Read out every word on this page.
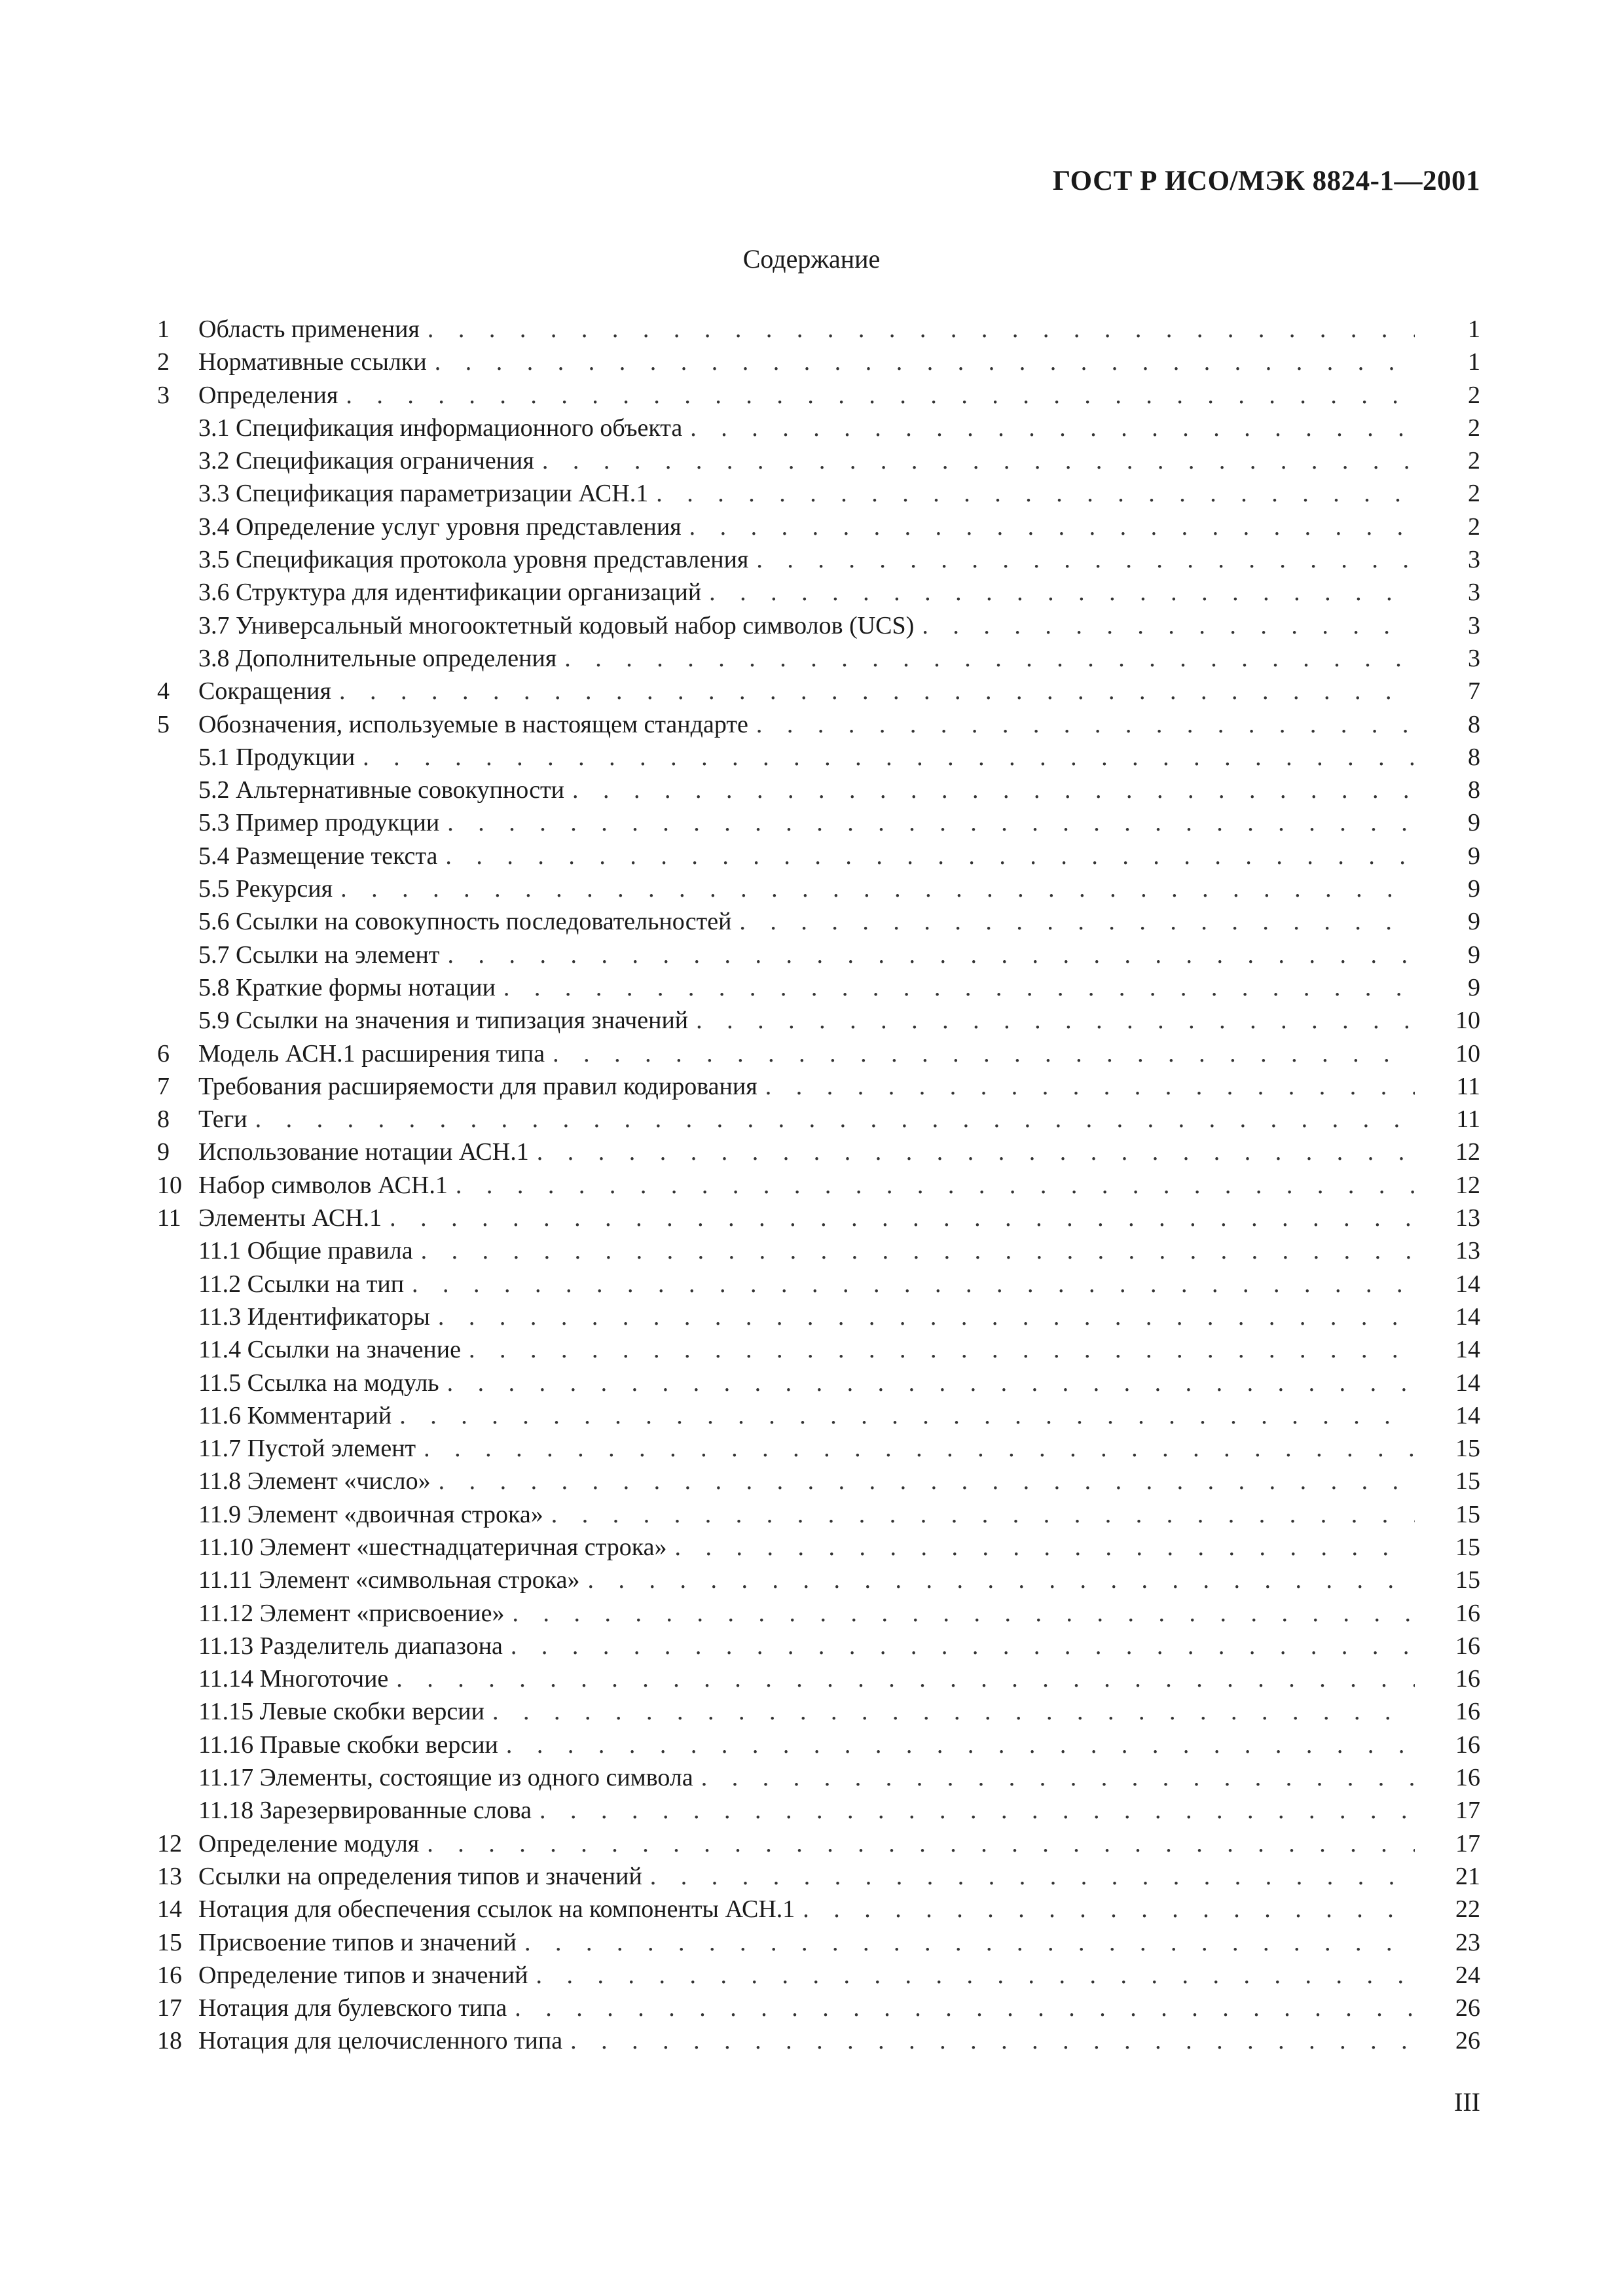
ГОСТ Р ИСО/МЭК 8824-1—2001
Содержание
1	Область применения . . .	1
2	Нормативные ссылки . . .	1
3	Определения . . .	2
3.1 Спецификация информационного объекта . . .	2
3.2 Спецификация ограничения . . .	2
3.3 Спецификация параметризации АСН.1 . . .	2
3.4 Определение услуг уровня представления . . .	2
3.5 Спецификация протокола уровня представления . . .	3
3.6 Структура для идентификации организаций . . .	3
3.7 Универсальный многооктетный кодовый набор символов (UCS) . . .	3
3.8 Дополнительные определения . . .	3
4	Сокращения . . .	7
5	Обозначения, используемые в настоящем стандарте . . .	8
5.1 Продукции . . .	8
5.2 Альтернативные совокупности . . .	8
5.3 Пример продукции . . .	9
5.4 Размещение текста . . .	9
5.5 Рекурсия . . .	9
5.6 Ссылки на совокупность последовательностей . . .	9
5.7 Ссылки на элемент . . .	9
5.8 Краткие формы нотации . . .	9
5.9 Ссылки на значения и типизация значений . . .	10
6	Модель АСН.1 расширения типа . . .	10
7	Требования расширяемости для правил кодирования . . .	11
8	Теги . . .	11
9	Использование нотации АСН.1 . . .	12
10 Набор символов АСН.1 . . .	12
11 Элементы АСН.1 . . .	13
11.1 Общие правила . . .	13
11.2 Ссылки на тип . . .	14
11.3 Идентификаторы . . .	14
11.4 Ссылки на значение . . .	14
11.5 Ссылка на модуль . . .	14
11.6 Комментарий . . .	14
11.7 Пустой элемент . . .	15
11.8 Элемент «число» . . .	15
11.9 Элемент «двоичная строка» . . .	15
11.10 Элемент «шестнадцатеричная строка» . . .	15
11.11 Элемент «символьная строка» . . .	15
11.12 Элемент «присвоение» . . .	16
11.13 Разделитель диапазона . . .	16
11.14 Многоточие . . .	16
11.15 Левые скобки версии . . .	16
11.16 Правые скобки версии . . .	16
11.17 Элементы, состоящие из одного символа . . .	16
11.18 Зарезервированные слова . . .	17
12 Определение модуля . . .	17
13 Ссылки на определения типов и значений . . .	21
14 Нотация для обеспечения ссылок на компоненты АСН.1 . . .	22
15 Присвоение типов и значений . . .	23
16 Определение типов и значений . . .	24
17 Нотация для булевского типа . . .	26
18 Нотация для целочисленного типа . . .	26
III
